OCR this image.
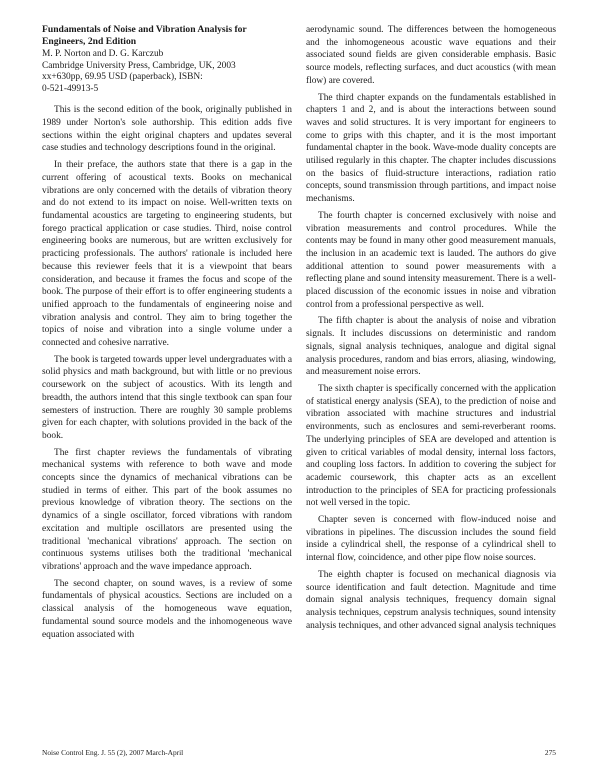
Fundamentals of Noise and Vibration Analysis for Engineers, 2nd Edition
M. P. Norton and D. G. Karczub
Cambridge University Press, Cambridge, UK, 2003
xx+630pp, 69.95 USD (paperback), ISBN:
0-521-49913-5

This is the second edition of the book, originally published in 1989 under Norton's sole authorship. This edition adds five sections within the eight original chapters and updates several case studies and technology descriptions found in the original.

In their preface, the authors state that there is a gap in the current offering of acoustical texts. Books on mechanical vibrations are only concerned with the details of vibration theory and do not extend to its impact on noise. Well-written texts on fundamental acoustics are targeting to engineering students, but forego practical application or case studies. Third, noise control engineering books are numerous, but are written exclusively for practicing professionals. The authors' rationale is included here because this reviewer feels that it is a viewpoint that bears consideration, and because it frames the focus and scope of the book. The purpose of their effort is to offer engineering students a unified approach to the fundamentals of engineering noise and vibration analysis and control. They aim to bring together the topics of noise and vibration into a single volume under a connected and cohesive narrative.

The book is targeted towards upper level undergraduates with a solid physics and math background, but with little or no previous coursework on the subject of acoustics. With its length and breadth, the authors intend that this single textbook can span four semesters of instruction. There are roughly 30 sample problems given for each chapter, with solutions provided in the back of the book.

The first chapter reviews the fundamentals of vibrating mechanical systems with reference to both wave and mode concepts since the dynamics of mechanical vibrations can be studied in terms of either. This part of the book assumes no previous knowledge of vibration theory. The sections on the dynamics of a single oscillator, forced vibrations with random excitation and multiple oscillators are presented using the traditional 'mechanical vibrations' approach. The section on continuous systems utilises both the traditional 'mechanical vibrations' approach and the wave impedance approach.

The second chapter, on sound waves, is a review of some fundamentals of physical acoustics. Sections are included on a classical analysis of the homogeneous wave equation, fundamental sound source models and the inhomogeneous wave equation associated with

aerodynamic sound. The differences between the homogeneous and the inhomogeneous acoustic wave equations and their associated sound fields are given considerable emphasis. Basic source models, reflecting surfaces, and duct acoustics (with mean flow) are covered.

The third chapter expands on the fundamentals established in chapters 1 and 2, and is about the interactions between sound waves and solid structures. It is very important for engineers to come to grips with this chapter, and it is the most important fundamental chapter in the book. Wave-mode duality concepts are utilised regularly in this chapter. The chapter includes discussions on the basics of fluid-structure interactions, radiation ratio concepts, sound transmission through partitions, and impact noise mechanisms.

The fourth chapter is concerned exclusively with noise and vibration measurements and control procedures. While the contents may be found in many other good measurement manuals, the inclusion in an academic text is lauded. The authors do give additional attention to sound power measurements with a reflecting plane and sound intensity measurement. There is a well-placed discussion of the economic issues in noise and vibration control from a professional perspective as well.

The fifth chapter is about the analysis of noise and vibration signals. It includes discussions on deterministic and random signals, signal analysis techniques, analogue and digital signal analysis procedures, random and bias errors, aliasing, windowing, and measurement noise errors.

The sixth chapter is specifically concerned with the application of statistical energy analysis (SEA), to the prediction of noise and vibration associated with machine structures and industrial environments, such as enclosures and semi-reverberant rooms. The underlying principles of SEA are developed and attention is given to critical variables of modal density, internal loss factors, and coupling loss factors. In addition to covering the subject for academic coursework, this chapter acts as an excellent introduction to the principles of SEA for practicing professionals not well versed in the topic.

Chapter seven is concerned with flow-induced noise and vibrations in pipelines. The discussion includes the sound field inside a cylindrical shell, the response of a cylindrical shell to internal flow, coincidence, and other pipe flow noise sources.

The eighth chapter is focused on mechanical diagnosis via source identification and fault detection. Magnitude and time domain signal analysis techniques, frequency domain signal analysis techniques, cepstrum analysis techniques, sound intensity analysis techniques, and other advanced signal analysis techniques

Noise Control Eng. J. 55 (2), 2007 March-April	275
